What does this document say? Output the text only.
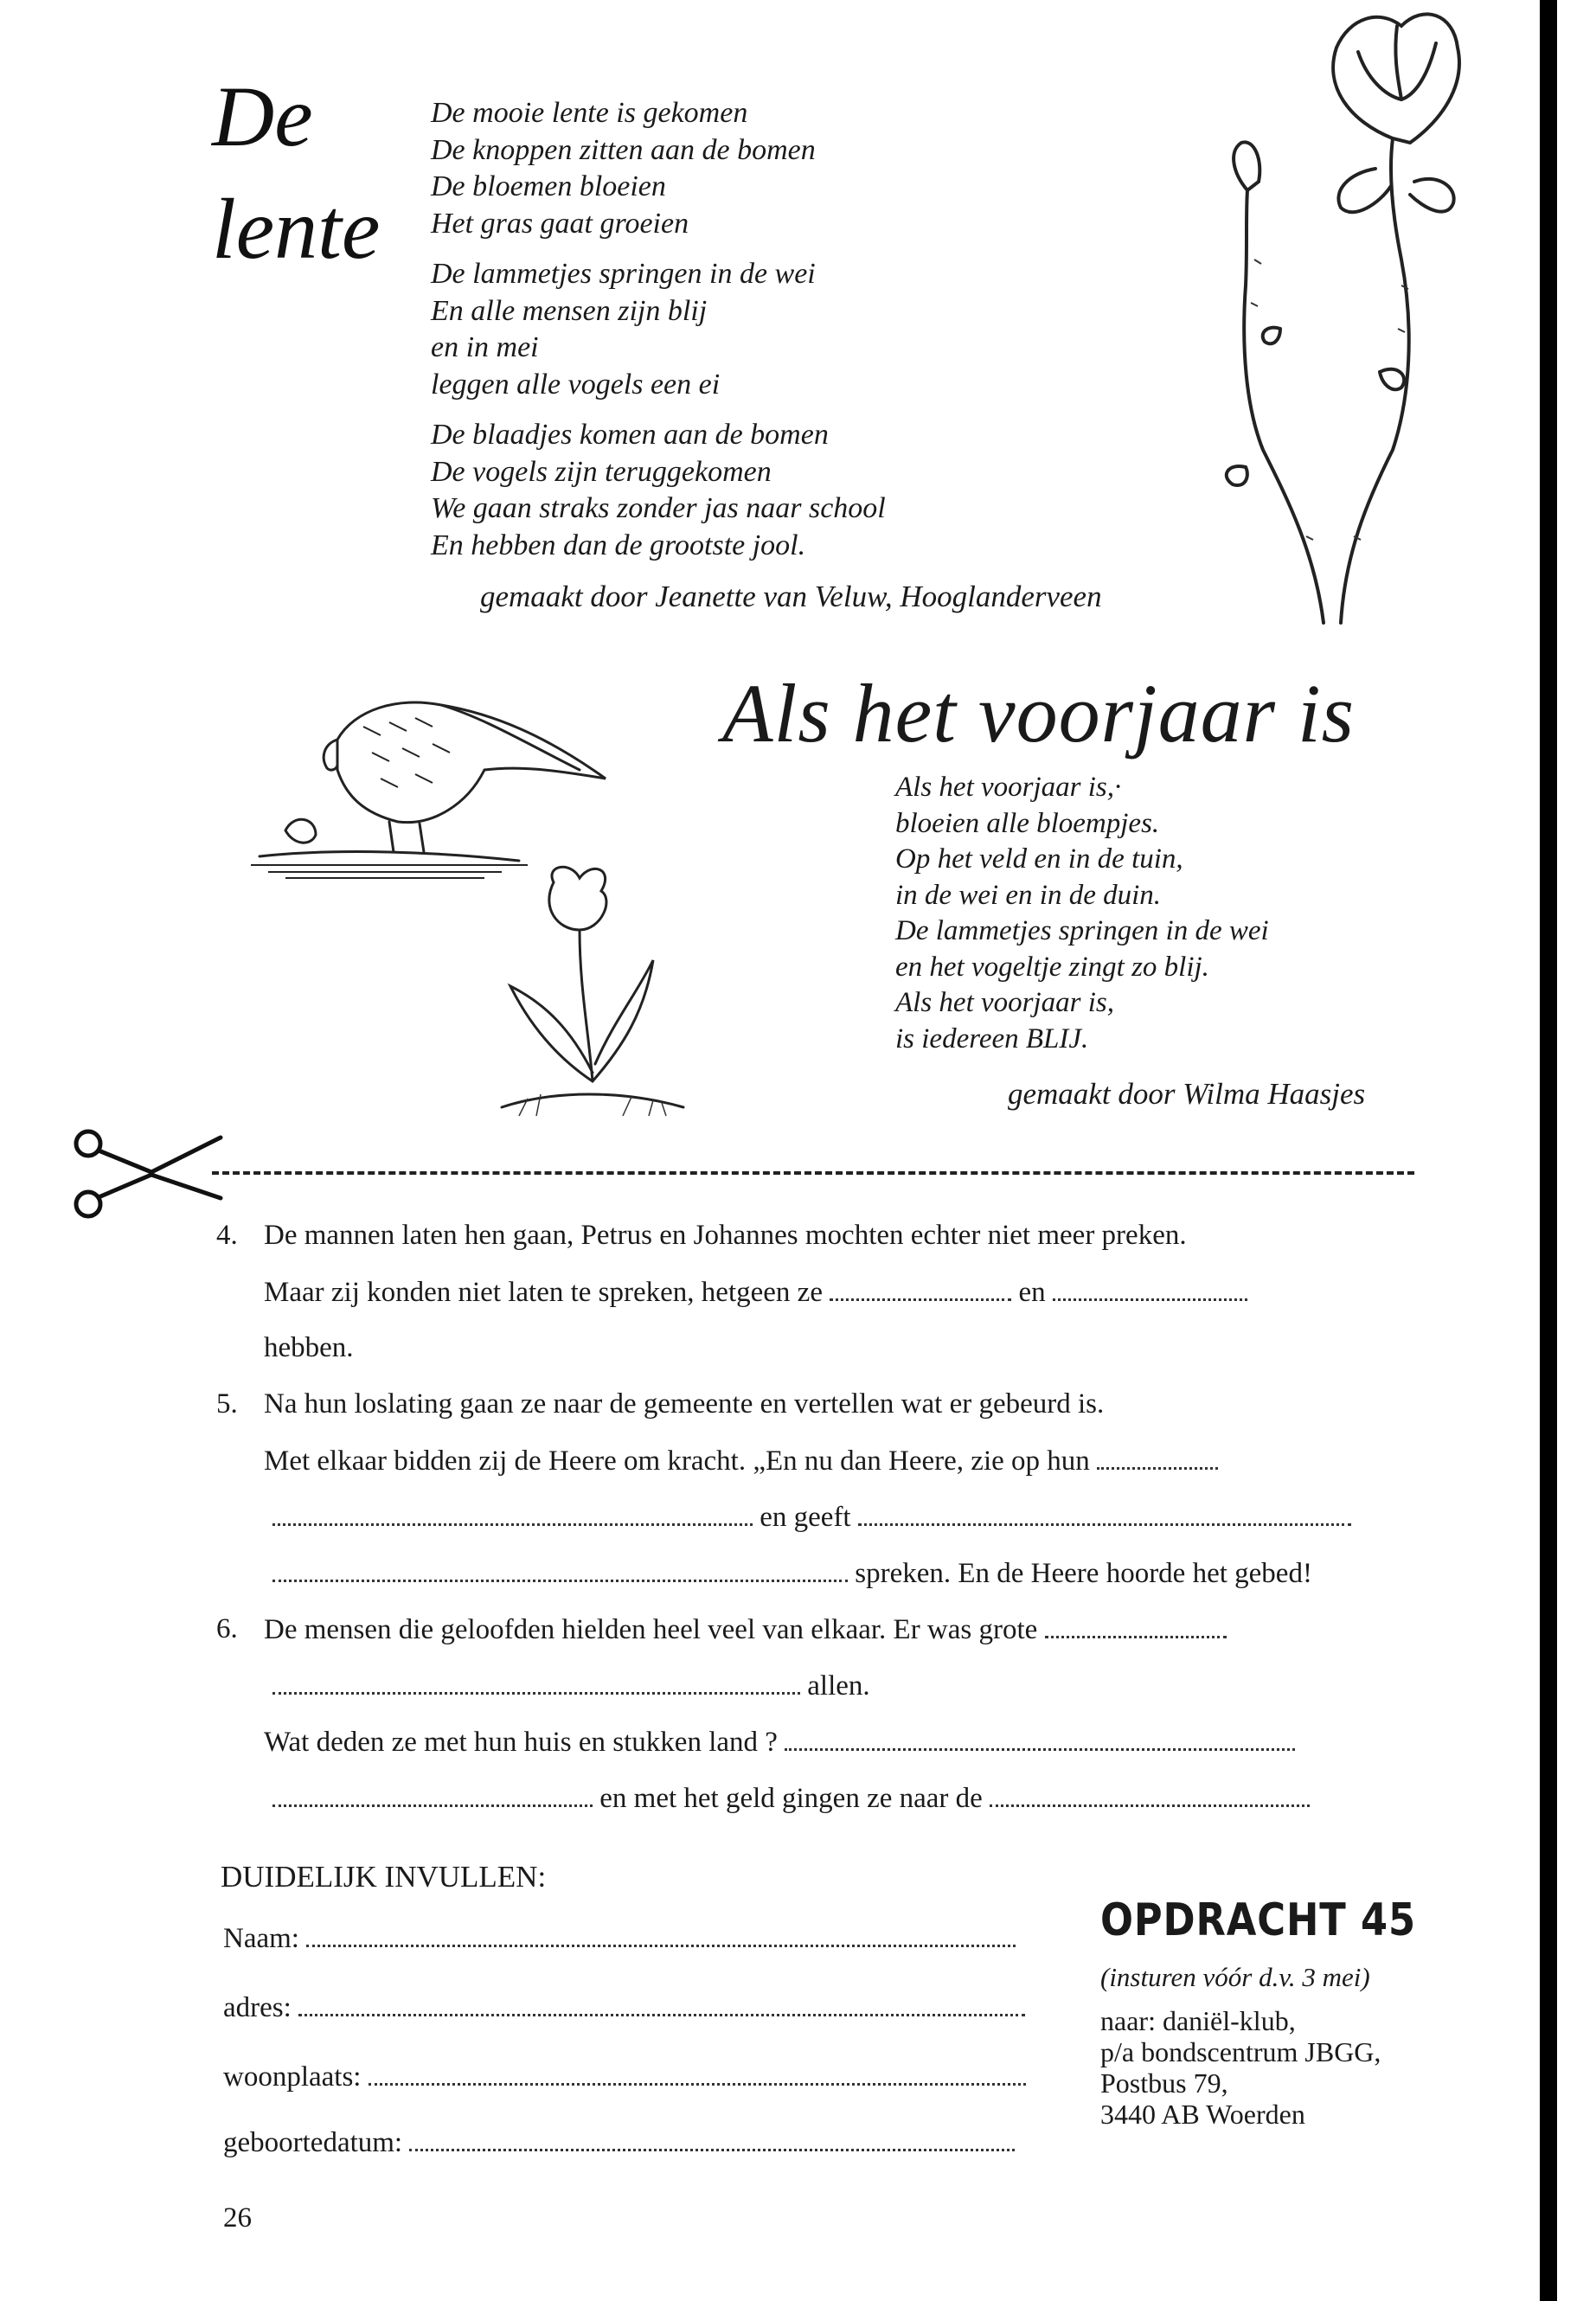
De
lente
De mooie lente is gekomen
De knoppen zitten aan de bomen
De bloemen bloeien
Het gras gaat groeien
De lammetjes springen in de wei
En alle mensen zijn blij
en in mei
leggen alle vogels een ei
De blaadjes komen aan de bomen
De vogels zijn teruggekomen
We gaan straks zonder jas naar school
En hebben dan de grootste jool.
gemaakt door Jeanette van Veluw, Hooglanderveen
Als het voorjaar is
Als het voorjaar is,·
bloeien alle bloempjes.
Op het veld en in de tuin,
in de wei en in de duin.
De lammetjes springen in de wei
en het vogeltje zingt zo blij.
Als het voorjaar is,
is iedereen BLIJ.
gemaakt door Wilma Haasjes
4. De mannen laten hen gaan, Petrus en Johannes mochten echter niet meer preken.
Maar zij konden niet laten te spreken, hetgeen ze	en
hebben.
5. Na hun loslating gaan ze naar de gemeente en vertellen wat er gebeurd is.
Met elkaar bidden zij de Heere om kracht. „En nu dan Heere, zie op hun
en geeft
spreken. En de Heere hoorde het gebed!
6. De mensen die geloofden hielden heel veel van elkaar. Er was grote
allen.
Wat deden ze met hun huis en stukken land ?
en met het geld gingen ze naar de
DUIDELIJK INVULLEN:
Naam:
adres:
woonplaats:
geboortedatum:
OPDRACHT 45
(insturen vóór d.v. 3 mei)
naar: daniël-klub,
p/a bondscentrum JBGG,
Postbus 79,
3440 AB Woerden
26
